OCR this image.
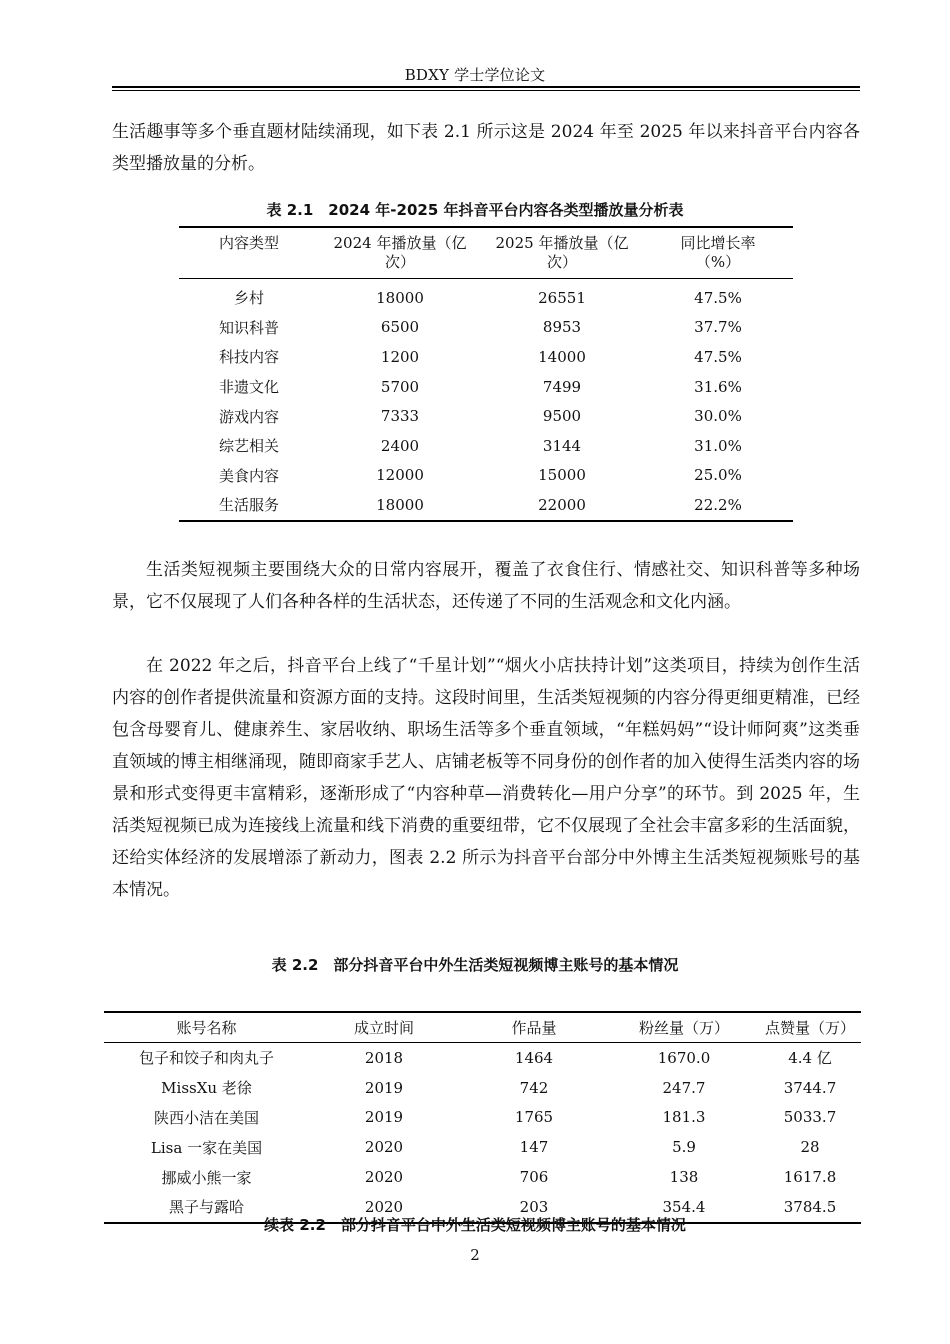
BDXY 学士学位论文

生活趣事等多个垂直题材陆续涌现，如下表 2.1 所示这是 2024 年至 2025 年以来抖音平台内容各类型播放量的分析。

表 2.1　2024 年-2025 年抖音平台内容各类型播放量分析表
内容类型	2024 年播放量（亿次）	2025 年播放量（亿次）	同比增长率（%）
乡村	18000	26551	47.5%
知识科普	6500	8953	37.7%
科技内容	1200	14000	47.5%
非遗文化	5700	7499	31.6%
游戏内容	7333	9500	30.0%
综艺相关	2400	3144	31.0%
美食内容	12000	15000	25.0%
生活服务	18000	22000	22.2%

生活类短视频主要围绕大众的日常内容展开，覆盖了衣食住行、情感社交、知识科普等多种场景，它不仅展现了人们各种各样的生活状态，还传递了不同的生活观念和文化内涵。

在 2022 年之后，抖音平台上线了“千星计划”“烟火小店扶持计划”这类项目，持续为创作生活内容的创作者提供流量和资源方面的支持。这段时间里，生活类短视频的内容分得更细更精准，已经包含母婴育儿、健康养生、家居收纳、职场生活等多个垂直领域，“年糕妈妈”“设计师阿爽”这类垂直领域的博主相继涌现，随即商家手艺人、店铺老板等不同身份的创作者的加入使得生活类内容的场景和形式变得更丰富精彩，逐渐形成了“内容种草—消费转化—用户分享”的环节。到 2025 年，生活类短视频已成为连接线上流量和线下消费的重要纽带，它不仅展现了全社会丰富多彩的生活面貌，还给实体经济的发展增添了新动力，图表 2.2 所示为抖音平台部分中外博主生活类短视频账号的基本情况。

表 2.2　部分抖音平台中外生活类短视频博主账号的基本情况
账号名称	成立时间	作品量	粉丝量（万）	点赞量（万）
包子和饺子和肉丸子	2018	1464	1670.0	4.4 亿
MissXu 老徐	2019	742	247.7	3744.7
陕西小洁在美国	2019	1765	181.3	5033.7
Lisa 一家在美国	2020	147	5.9	28
挪威小熊一家	2020	706	138	1617.8
黑子与露哈	2020	203	354.4	3784.5
续表 2.2　部分抖音平台中外生活类短视频博主账号的基本情况
2
